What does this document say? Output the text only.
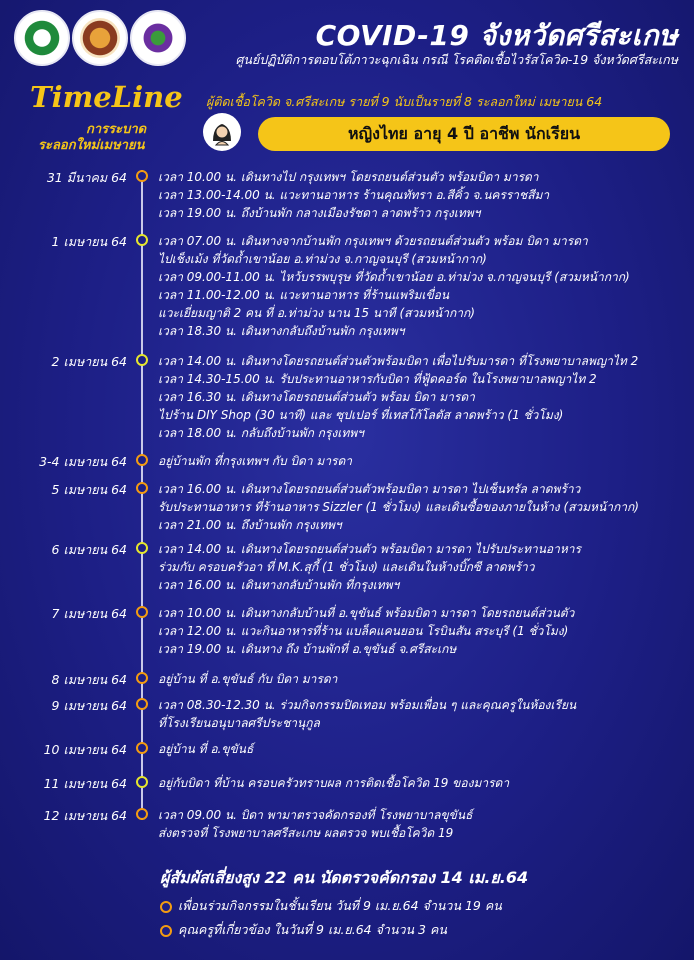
COVID-19 จังหวัดศรีสะเกษ
ศูนย์ปฏิบัติการตอบโต้ภาวะฉุกเฉิน กรณี โรคติดเชื้อไวรัสโควิด-19 จังหวัดศรีสะเกษ
TimeLine
การระบาด
ระลอกใหม่เมษายน
ผู้ติดเชื้อโควิด จ.ศรีสะเกษ รายที่ 9 นับเป็นรายที่ 8 ระลอกใหม่ เมษายน 64
หญิงไทย อายุ 4 ปี อาชีพ นักเรียน
31 มีนาคม 64	เวลา 10.00 น. เดินทางไป กรุงเทพฯ โดยรถยนต์ส่วนตัว พร้อมบิดา มารดา
เวลา 13.00-14.00 น. แวะทานอาหาร ร้านคุณทัทรา อ.สีคิ้ว จ.นครราชสีมา
เวลา 19.00 น. ถึงบ้านพัก กลางเมืองรัชดา ลาดพร้าว กรุงเทพฯ
1 เมษายน 64	เวลา 07.00 น. เดินทางจากบ้านพัก กรุงเทพฯ ด้วยรถยนต์ส่วนตัว พร้อม บิดา มารดา
ไปเช็งเม้ง ที่วัดถ้ำเขาน้อย อ.ท่าม่วง จ.กาญจนบุรี (สวมหน้ากาก)
เวลา 09.00-11.00 น. ไหว้บรรพบุรุษ ที่วัดถ้ำเขาน้อย อ.ท่าม่วง จ.กาญจนบุรี (สวมหน้ากาก)
เวลา 11.00-12.00 น. แวะทานอาหาร ที่ร้านแพริมเขื่อน
แวะเยี่ยมญาติ 2 คน ที่ อ.ท่าม่วง นาน 15 นาที (สวมหน้ากาก)
เวลา 18.30 น. เดินทางกลับถึงบ้านพัก กรุงเทพฯ
2 เมษายน 64	เวลา 14.00 น. เดินทางโดยรถยนต์ส่วนตัวพร้อมบิดา เพื่อไปรับมารดา ที่โรงพยาบาลพญาไท 2
เวลา 14.30-15.00 น. รับประทานอาหารกับบิดา ที่ฟู้ดคอร์ด ในโรงพยาบาลพญาไท 2
เวลา 16.30 น. เดินทางโดยรถยนต์ส่วนตัว พร้อม บิดา มารดา
ไปร้าน DIY Shop (30 นาที) และ ซุปเปอร์ ที่เทสโก้โลตัส ลาดพร้าว (1 ชั่วโมง)
เวลา 18.00 น. กลับถึงบ้านพัก กรุงเทพฯ
3-4 เมษายน 64	อยู่บ้านพัก ที่กรุงเทพฯ กับ บิดา มารดา
5 เมษายน 64	เวลา 16.00 น. เดินทางโดยรถยนต์ส่วนตัวพร้อมบิดา มารดา ไปเซ็นทรัล ลาดพร้าว
รับประทานอาหาร ที่ร้านอาหาร Sizzler (1 ชั่วโมง) และเดินซื้อของภายในห้าง (สวมหน้ากาก)
เวลา 21.00 น. ถึงบ้านพัก กรุงเทพฯ
6 เมษายน 64	เวลา 14.00 น. เดินทางโดยรถยนต์ส่วนตัว พร้อมบิดา มารดา ไปรับประทานอาหาร
ร่วมกับ ครอบครัวอา ที่ M.K.สุกี้ (1 ชั่วโมง) และเดินในห้างบิ๊กซี ลาดพร้าว
เวลา 16.00 น. เดินทางกลับบ้านพัก ที่กรุงเทพฯ
7 เมษายน 64	เวลา 10.00 น. เดินทางกลับบ้านที่ อ.ขุขันธ์ พร้อมบิดา มารดา โดยรถยนต์ส่วนตัว
เวลา 12.00 น. แวะกินอาหารที่ร้าน แบล็คแคนยอน โรบินสัน สระบุรี (1 ชั่วโมง)
เวลา 19.00 น. เดินทาง ถึง บ้านพักที่ อ.ขุขันธ์ จ.ศรีสะเกษ
8 เมษายน 64	อยู่บ้าน ที่ อ.ขุขันธ์ กับ บิดา มารดา
9 เมษายน 64	เวลา 08.30-12.30 น. ร่วมกิจกรรมปิดเทอม พร้อมเพื่อน ๆ และคุณครูในห้องเรียน
ที่โรงเรียนอนุบาลศรีประชานุกูล
10 เมษายน 64	อยู่บ้าน ที่ อ.ขุขันธ์
11 เมษายน 64	อยู่กับบิดา ที่บ้าน ครอบครัวทราบผล การติดเชื้อโควิด 19 ของมารดา
12 เมษายน 64	เวลา 09.00 น. บิดา พามาตรวจคัดกรองที่ โรงพยาบาลขุขันธ์
ส่งตรวจที่ โรงพยาบาลศรีสะเกษ ผลตรวจ พบเชื้อโควิด 19
ผู้สัมผัสเสี่ยงสูง 22 คน นัดตรวจคัดกรอง 14 เม.ย.64
เพื่อนร่วมกิจกรรมในชั้นเรียน วันที่ 9 เม.ย.64 จำนวน 19 คน
คุณครูที่เกี่ยวข้อง ในวันที่ 9 เม.ย.64 จำนวน 3 คน
